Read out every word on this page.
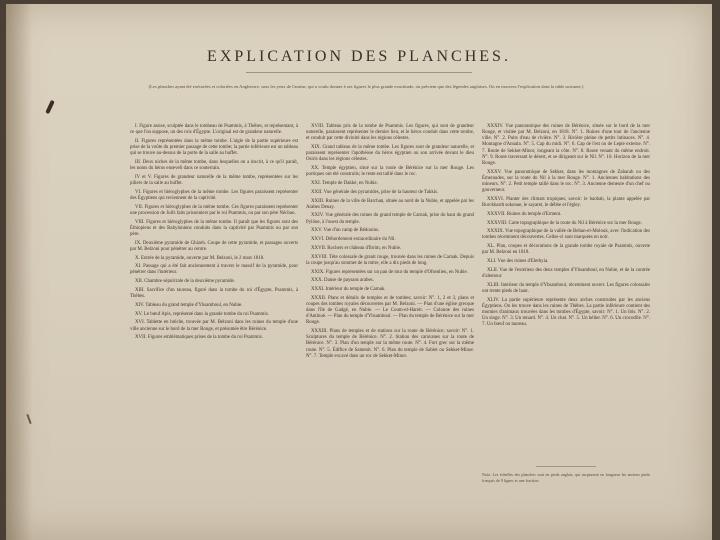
EXPLICATION DES PLANCHES.
(Les planches ayant été exécutées et coloriées en Angleterre, sous les yeux de l'auteur, qui a voulu donner à ses figures le plus grande exactitude, on prévient que des légendes anglaises. On en trouvera l'explication dans la table suivante.)

I. Figure assise, sculptée dans le tombeau de Psammis, à Thèbes, et représentant, à ce que l'on suppose, un des rois d'Égypte. L'original est de grandeur naturelle.

II. Figures représentées dans la même tombe. L'aigle de la partie supérieure est prise de la voûte du premier passage de cette tombe; la partie inférieure est un tableau qui se trouve au-dessus de la porte de la salle au buffet.

III. Deux niches de la même tombe, dans lesquelles on a inscrit, à ce qu'il paraît, les noms du héros enseveli dans ce souterrain.

IV et V. Figures de grandeur naturelle de la même tombe, représentées sur les piliers de la salle au buffet.

VI. Figures et hiéroglyphes de la même tombe. Les figures paraissent représenter des Égyptiens qui reviennent de la captivité.

VII. Figures et hiéroglyphes de la même tombe. Ces figures paraissent représenter une procession de Juifs faits prisonniers par le roi Psammis, ou par son père Néchao.

VIII. Figures et hiéroglyphes de la même tombe. Il paraît que les figures sont des Éthiopiens et des Babyloniens conduits dans la captivité par Psammis ou par son père.

IX. Deuxième pyramide de Ghizeh. Coupe de cette pyramide, et passages ouverts par M. Belzoni pour pénétrer au centre.

X. Entrée de la pyramide, ouverte par M. Belzoni, le 2 mars 1818.

XI. Passage qui a été fait anciennement à travers le massif de la pyramide, pour pénétrer dans l'intérieur.

XII. Chambre sépulcrale de la deuxième pyramide.

XIII. Sacrifice d'un taureau, figuré dans la tombe du roi d'Égypte, Psammis, à Thèbes.

XIV. Tableau du grand temple d'Ybsamboul, en Nubie.

XV. Le bœuf Apis, représenté dans la grande tombe du roi Psammis.

XVI. Tablette en brèche, trouvée par M. Belzoni dans les ruines du temple d'une ville ancienne sur le bord de la mer Rouge, et présumée être Bérénice.

XVII. Figures emblématiques prises de la tombe du roi Psammis.

XVIII. Tableau pris de la tombe de Psammis. Les figures, qui sont de grandeur naturelle, paraissent représenter le dernier lieu, et le héros conduit dans cette tombe, et conduit par cette divinité dans les régions célestes.

XIX. Grand tableau de la même tombe. Les figures sont de grandeur naturelle, et paraissent représenter l'apothéose du héros égyptien ou son arrivée devant le dieu Osiris dans les régions célestes.

XX. Temple égyptien, situé sur la route de Bérénice sur la mer Rouge. Les portiques ont été construits; le reste est taillé dans le roc.

XXI. Temple de Dakké, en Nubie.

XXII. Vue générale des pyramides, prise de la hauteur de Takkis.

XXIII. Ruines de la ville de Barchan, située au nord de la Nubie, et appelée par les Arabes Denay.

XXIV. Vue générale des ruines du grand temple de Carnak, prise du haut du grand Pylône, à l'ouest du temple.

XXV. Vue d'un camp de Bédouins.

XXVI. Débordement extraordinaire du Nil.

XXVII. Rochers et château d'Ibrim, en Nubie.

XXVIII. Tête colossale de granit rouge, trouvée dans les ruines de Carnak. Depuis la coupe jusqu'au sommet de la mitre, elle a dix pieds de long.

XXIX. Figures représentées sur un pan de mur du temple d'Ofsenlieu, en Nubie.

XXX. Danse de paysans arabes.

XXXI. Intérieur du temple de Carnak.

XXXII. Plans et détails de temples et de tombes; savoir: N°. 1, 2 et 3, plans et coupes des tombes royales découvertes par M. Belzoni. — Plan d'une église grecque dans l'île de Gadgé, en Nubie. — Le Coum-el-Hareit. — Colonne des ruines d'Antinoé. — Plan du temple d'Ybsamboul. — Plan du temple de Bérénice sur la mer Rouge.

XXXIII. Plans de temples et de stations sur la route de Bérénice; savoir: N°. 1. Sculptures du temple de Bérénice. N°. 2. Station des caravanes sur la route de Bérénice. N°. 3. Plan d'un temple sur la même route. N°. 4. Fort grec sur la même route. N°. 5. Édifice de Samenit. N°. 6. Plan du temple de Sabiet ou Sekket-Minor. N°. 7. Temple excavé dans un roc de Sekket-Minor.

XXXIV. Vue panoramique des ruines de Bérénice, située sur le bord de la mer Rouge, et visitée par M. Belzoni, en 1818. N°. 1. Ruines d'une tour de l'ancienne ville. N°. 2. Puits d'eau de rivière. N°. 3. Rivière pleine de petits lutinaces. N°. 4. Montagne d'Anuala. N°. 5. Cap du midi. N°. 6. Cap de l'est ou de Lepte externe. N°. 7. Route de Sekket-Minor, longeant la côte. N°. 8. Route venant du même endroit. N°. 9. Route traversant le désert, et se dirigeant sur le Nil. N°. 10. Horizon de la mer Rouge.

XXXV. Vue panoramique de Sekket, dans les montagnes de Zabarah ou des Émeraudes, sur la route du Nil à la mer Rouge. N°. 1. Anciennes habitations des mineurs. N°. 2. Petit temple taillé dans le roc. N°. 3. Ancienne demeure d'un chef ou gouverneur.

XXXVI. Planter des climats tropiques; savoir: le baobab, la plante appelée par Burckhardt sokonae, le sayaret, le débbe et l'égley.

XXXVII. Ruines du temple d'Erment.

XXXVIII. Carte topographique de la route du Nil à Bérénice sur la mer Rouge.

XXXIX. Vue topographique de la vallée de Beban-el-Molouk, avec l'indication des tombes récemment découvertes. Celles-ci sont marquées en noir.

XL. Plan, coupes et décorations de la grande tombe royale de Psammis, ouverte par M. Belzoni en 1818.

XLI. Vue des ruines d'Elethyia.

XLII. Vue de l'extérieur des deux temples d'Ybsamboul, en Nubie, et de la contrée d'alentour.

XLIII. Intérieur du temple d'Ybsamboul, récemment ouvert. Les figures colossales ont trente pieds de haut.

XLIV. La partie supérieure représente deux arches construites par les anciens Égyptiens. On les trouve dans les ruines de Thèbes. La partie inférieure contient des momies d'animaux trouvées dans les tombes d'Égypte, savoir: N°. 1. Un ibis. N°. 2. Un singe. N°. 3. Un renard. N°. 4. Un chat. N°. 5. Un bélier. N°. 6. Un crocodile. N°. 7. Un bœuf ou taureau.

Nota. Les échelles des planches sont en pieds anglais, qui surpassent en longueur les anciens pieds français de 9 lignes et une fraction.
